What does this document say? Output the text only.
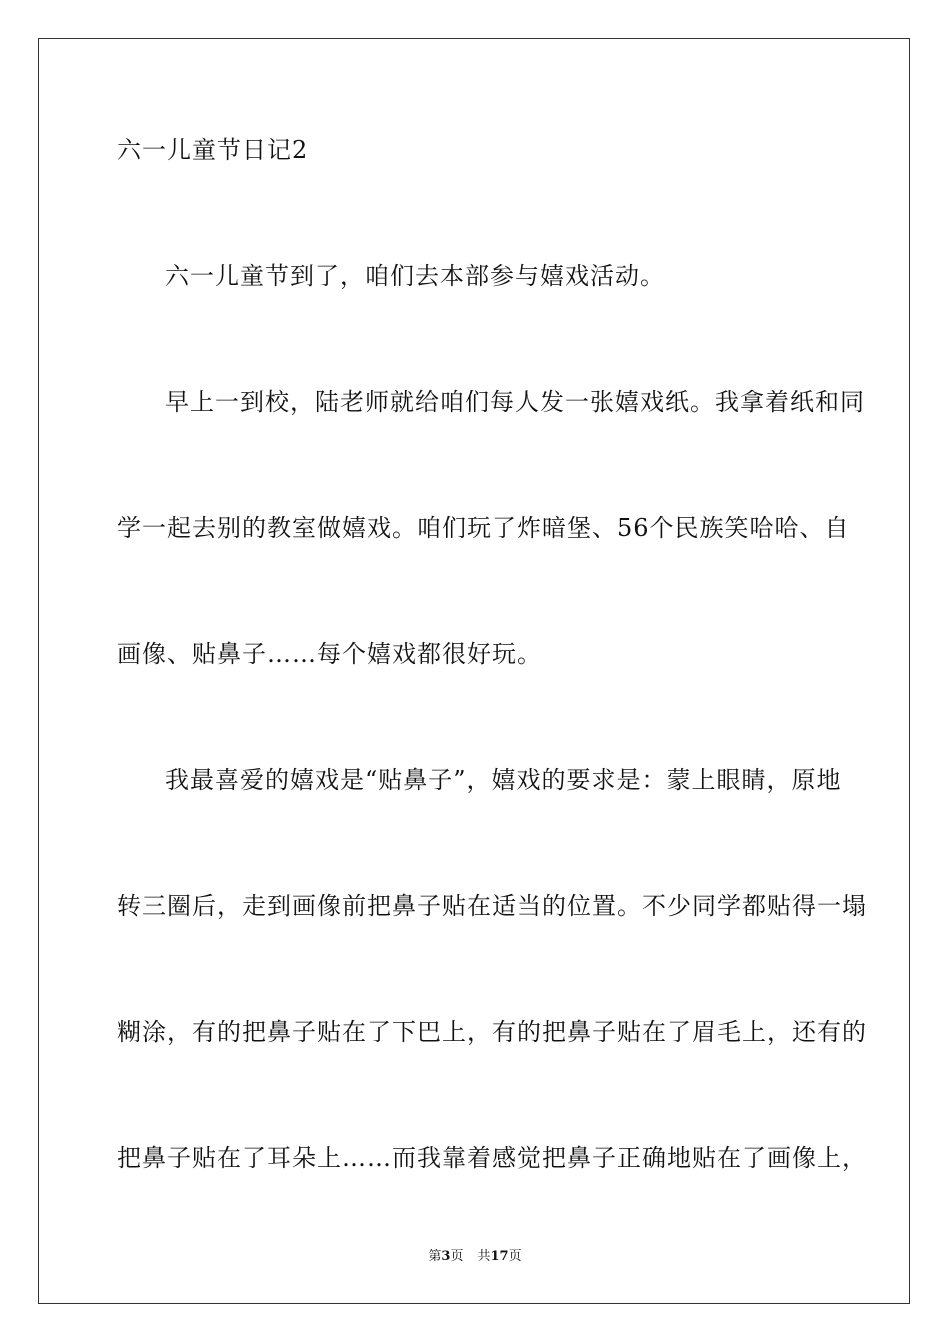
六一儿童节日记2
六一儿童节到了，咱们去本部参与嬉戏活动。
早上一到校，陆老师就给咱们每人发一张嬉戏纸。我拿着纸和同
学一起去别的教室做嬉戏。咱们玩了炸暗堡、56个民族笑哈哈、自
画像、贴鼻子……每个嬉戏都很好玩。
我最喜爱的嬉戏是“贴鼻子”，嬉戏的要求是：蒙上眼睛，原地
转三圈后，走到画像前把鼻子贴在适当的位置。不少同学都贴得一塌
糊涂，有的把鼻子贴在了下巴上，有的把鼻子贴在了眉毛上，还有的
把鼻子贴在了耳朵上……而我靠着感觉把鼻子正确地贴在了画像上，
第3页 共17页
